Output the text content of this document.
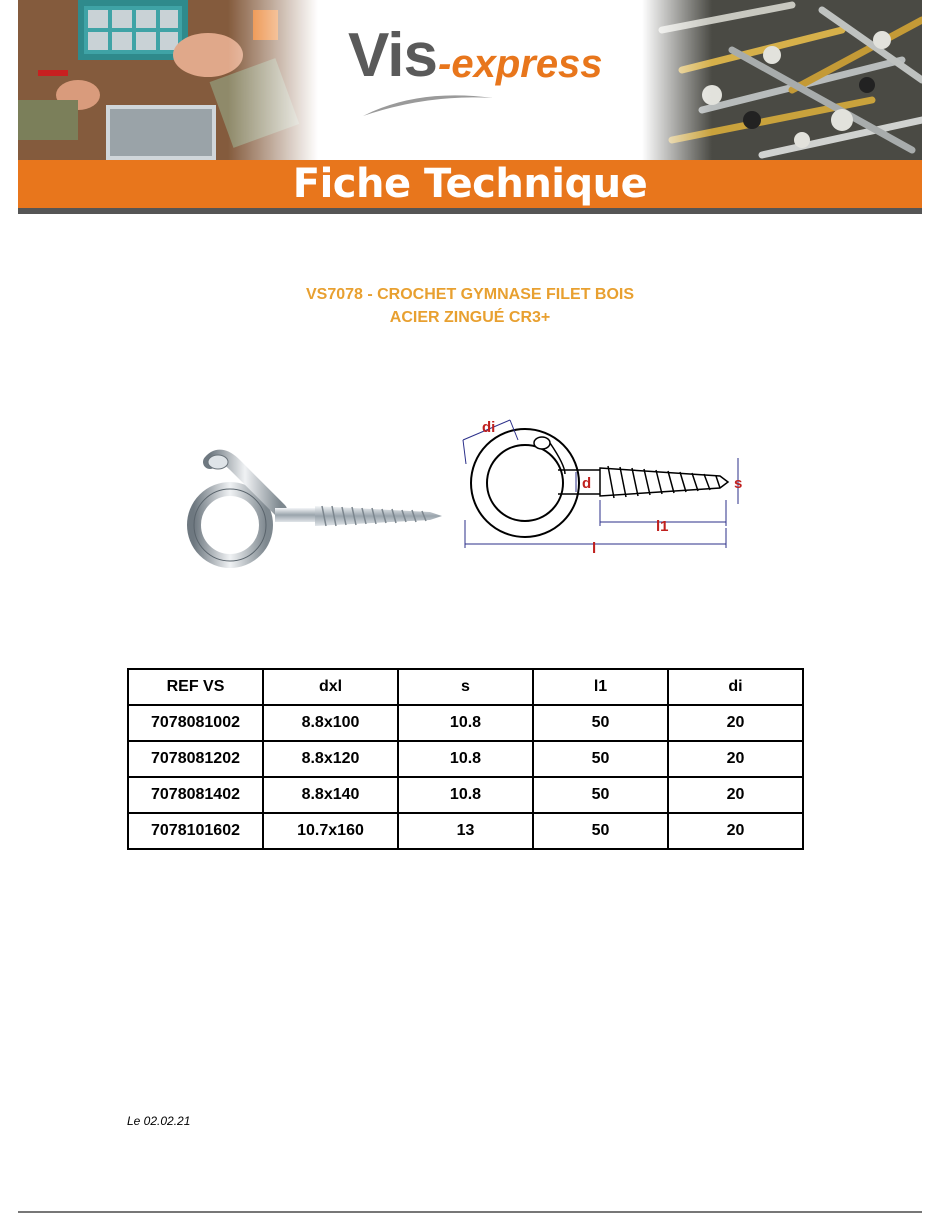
Vis -express
Fiche Technique
VS7078 - CROCHET GYMNASE FILET BOIS
ACIER ZINGUÉ CR3+
di
d	s
l1
l
REF VS	dxl	s	l1	di
7078081002	8.8x100	10.8	50	20
7078081202	8.8x120	10.8	50	20
7078081402	8.8x140	10.8	50	20
7078101602	10.7x160	13	50	20
Le 02.02.21
